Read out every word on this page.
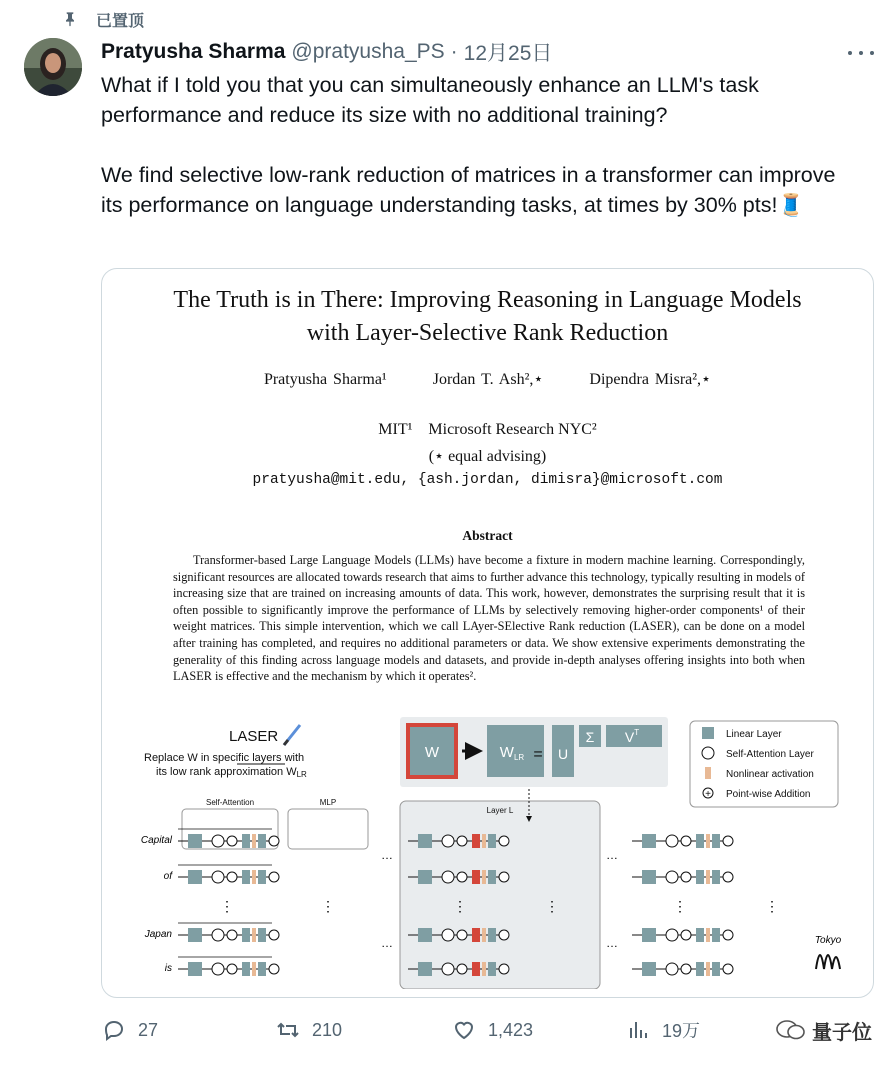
已置顶
Pratyusha Sharma @pratyusha_PS · 12月25日

What if I told you that you can simultaneously enhance an LLM's task performance and reduce its size with no additional training?

We find selective low-rank reduction of matrices in a transformer can improve its performance on language understanding tasks, at times by 30% pts!🧵

The Truth is in There: Improving Reasoning in Language Models
with Layer-Selective Rank Reduction
Pratyusha Sharma¹	Jordan T. Ash²,⋆	Dipendra Misra²,⋆
MIT¹ Microsoft Research NYC²
(⋆ equal advising)
pratyusha@mit.edu, {ash.jordan, dimisra}@microsoft.com
Abstract

Transformer-based Large Language Models (LLMs) have become a fixture in modern machine learning. Correspondingly, significant resources are allocated towards research that aims to further advance this technology, typically resulting in models of increasing size that are trained on increasing amounts of data. This work, however, demonstrates the surprising result that it is often possible to significantly improve the performance of LLMs by selectively removing higher-order components¹ of their weight matrices. This simple intervention, which we call LAyer-SElective Rank reduction (LASER), can be done on a model after training has completed, and requires no additional parameters or data. We show extensive experiments demonstrating the generality of this finding across language models and datasets, and provide in-depth analyses offering insights into both when LASER is effective and the mechanism by which it operates².

LASER
Replace W in specific layers with
its low rank approximation WLR
W	$W_{LR} = U$
Σ $V^T$	Linear Layer
Self-Attention Layer
Nonlinear activation
+ Point-wise Addition
Self-Attention	MLP
Layer L
Capital
of
Japan
is
Tokyo
⋮	⋮	⋮	⋮	⋮	⋮
…
…
…
…
27	210	1,423	19万	量子位
